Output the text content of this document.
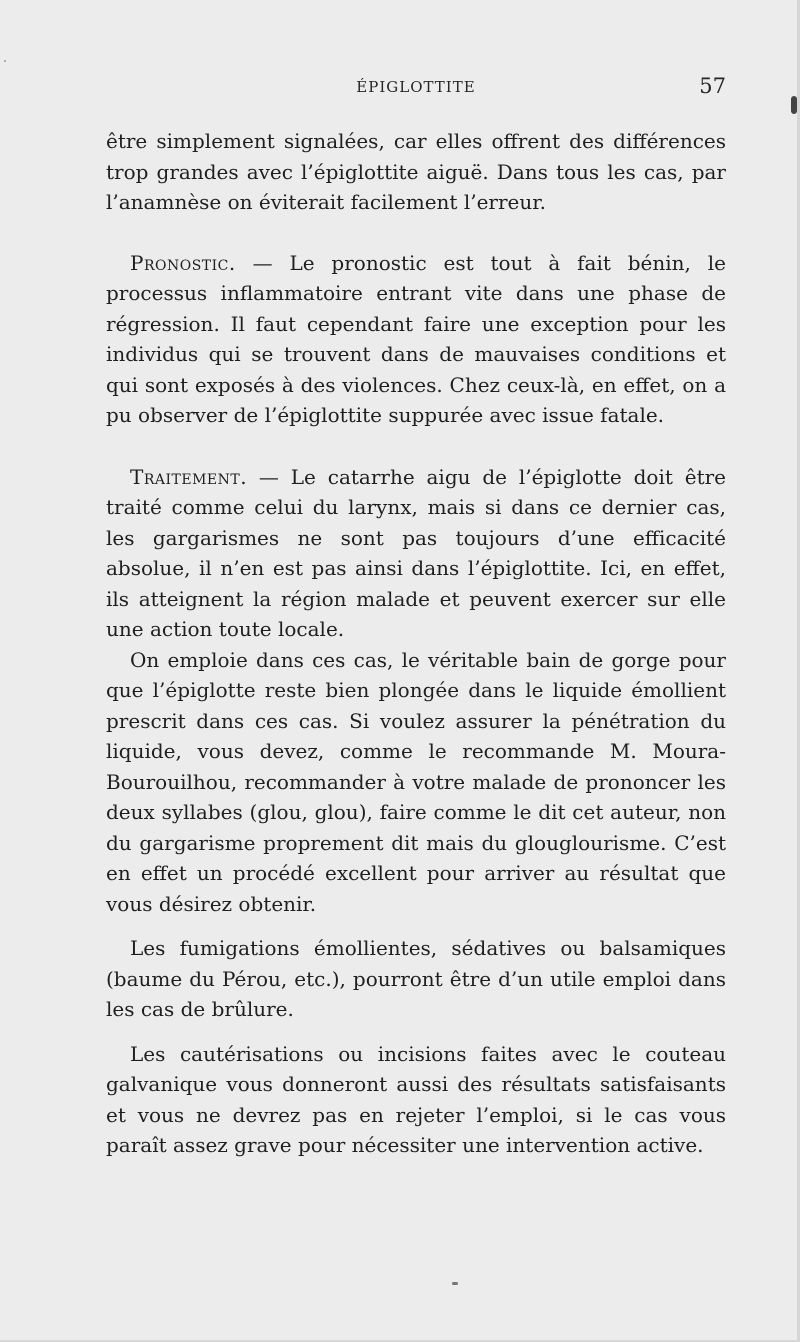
ÉPIGLOTTITE	57

être simplement signalées, car elles offrent des différences trop grandes avec l’épiglottite aiguë. Dans tous les cas, par l’anamnèse on éviterait facilement l’erreur.

Pronostic. — Le pronostic est tout à fait bénin, le processus inflammatoire entrant vite dans une phase de régression. Il faut cependant faire une exception pour les individus qui se trouvent dans de mauvaises conditions et qui sont exposés à des violences. Chez ceux-là, en effet, on a pu observer de l’épiglottite suppurée avec issue fatale.

Traitement. — Le catarrhe aigu de l’épiglotte doit être traité comme celui du larynx, mais si dans ce dernier cas, les gargarismes ne sont pas toujours d’une efficacité absolue, il n’en est pas ainsi dans l’épiglottite. Ici, en effet, ils atteignent la région malade et peuvent exercer sur elle une action toute locale.

On emploie dans ces cas, le véritable bain de gorge pour que l’épiglotte reste bien plongée dans le liquide émollient prescrit dans ces cas. Si voulez assurer la pénétration du liquide, vous devez, comme le recommande M. Moura-Bourouilhou, recommander à votre malade de prononcer les deux syllabes (glou, glou), faire comme le dit cet auteur, non du gargarisme proprement dit mais du glouglourisme. C’est en effet un procédé excellent pour arriver au résultat que vous désirez obtenir.

Les fumigations émollientes, sédatives ou balsamiques (baume du Pérou, etc.), pourront être d’un utile emploi dans les cas de brûlure.

Les cautérisations ou incisions faites avec le couteau galvanique vous donneront aussi des résultats satisfaisants et vous ne devrez pas en rejeter l’emploi, si le cas vous paraît assez grave pour nécessiter une intervention active.
